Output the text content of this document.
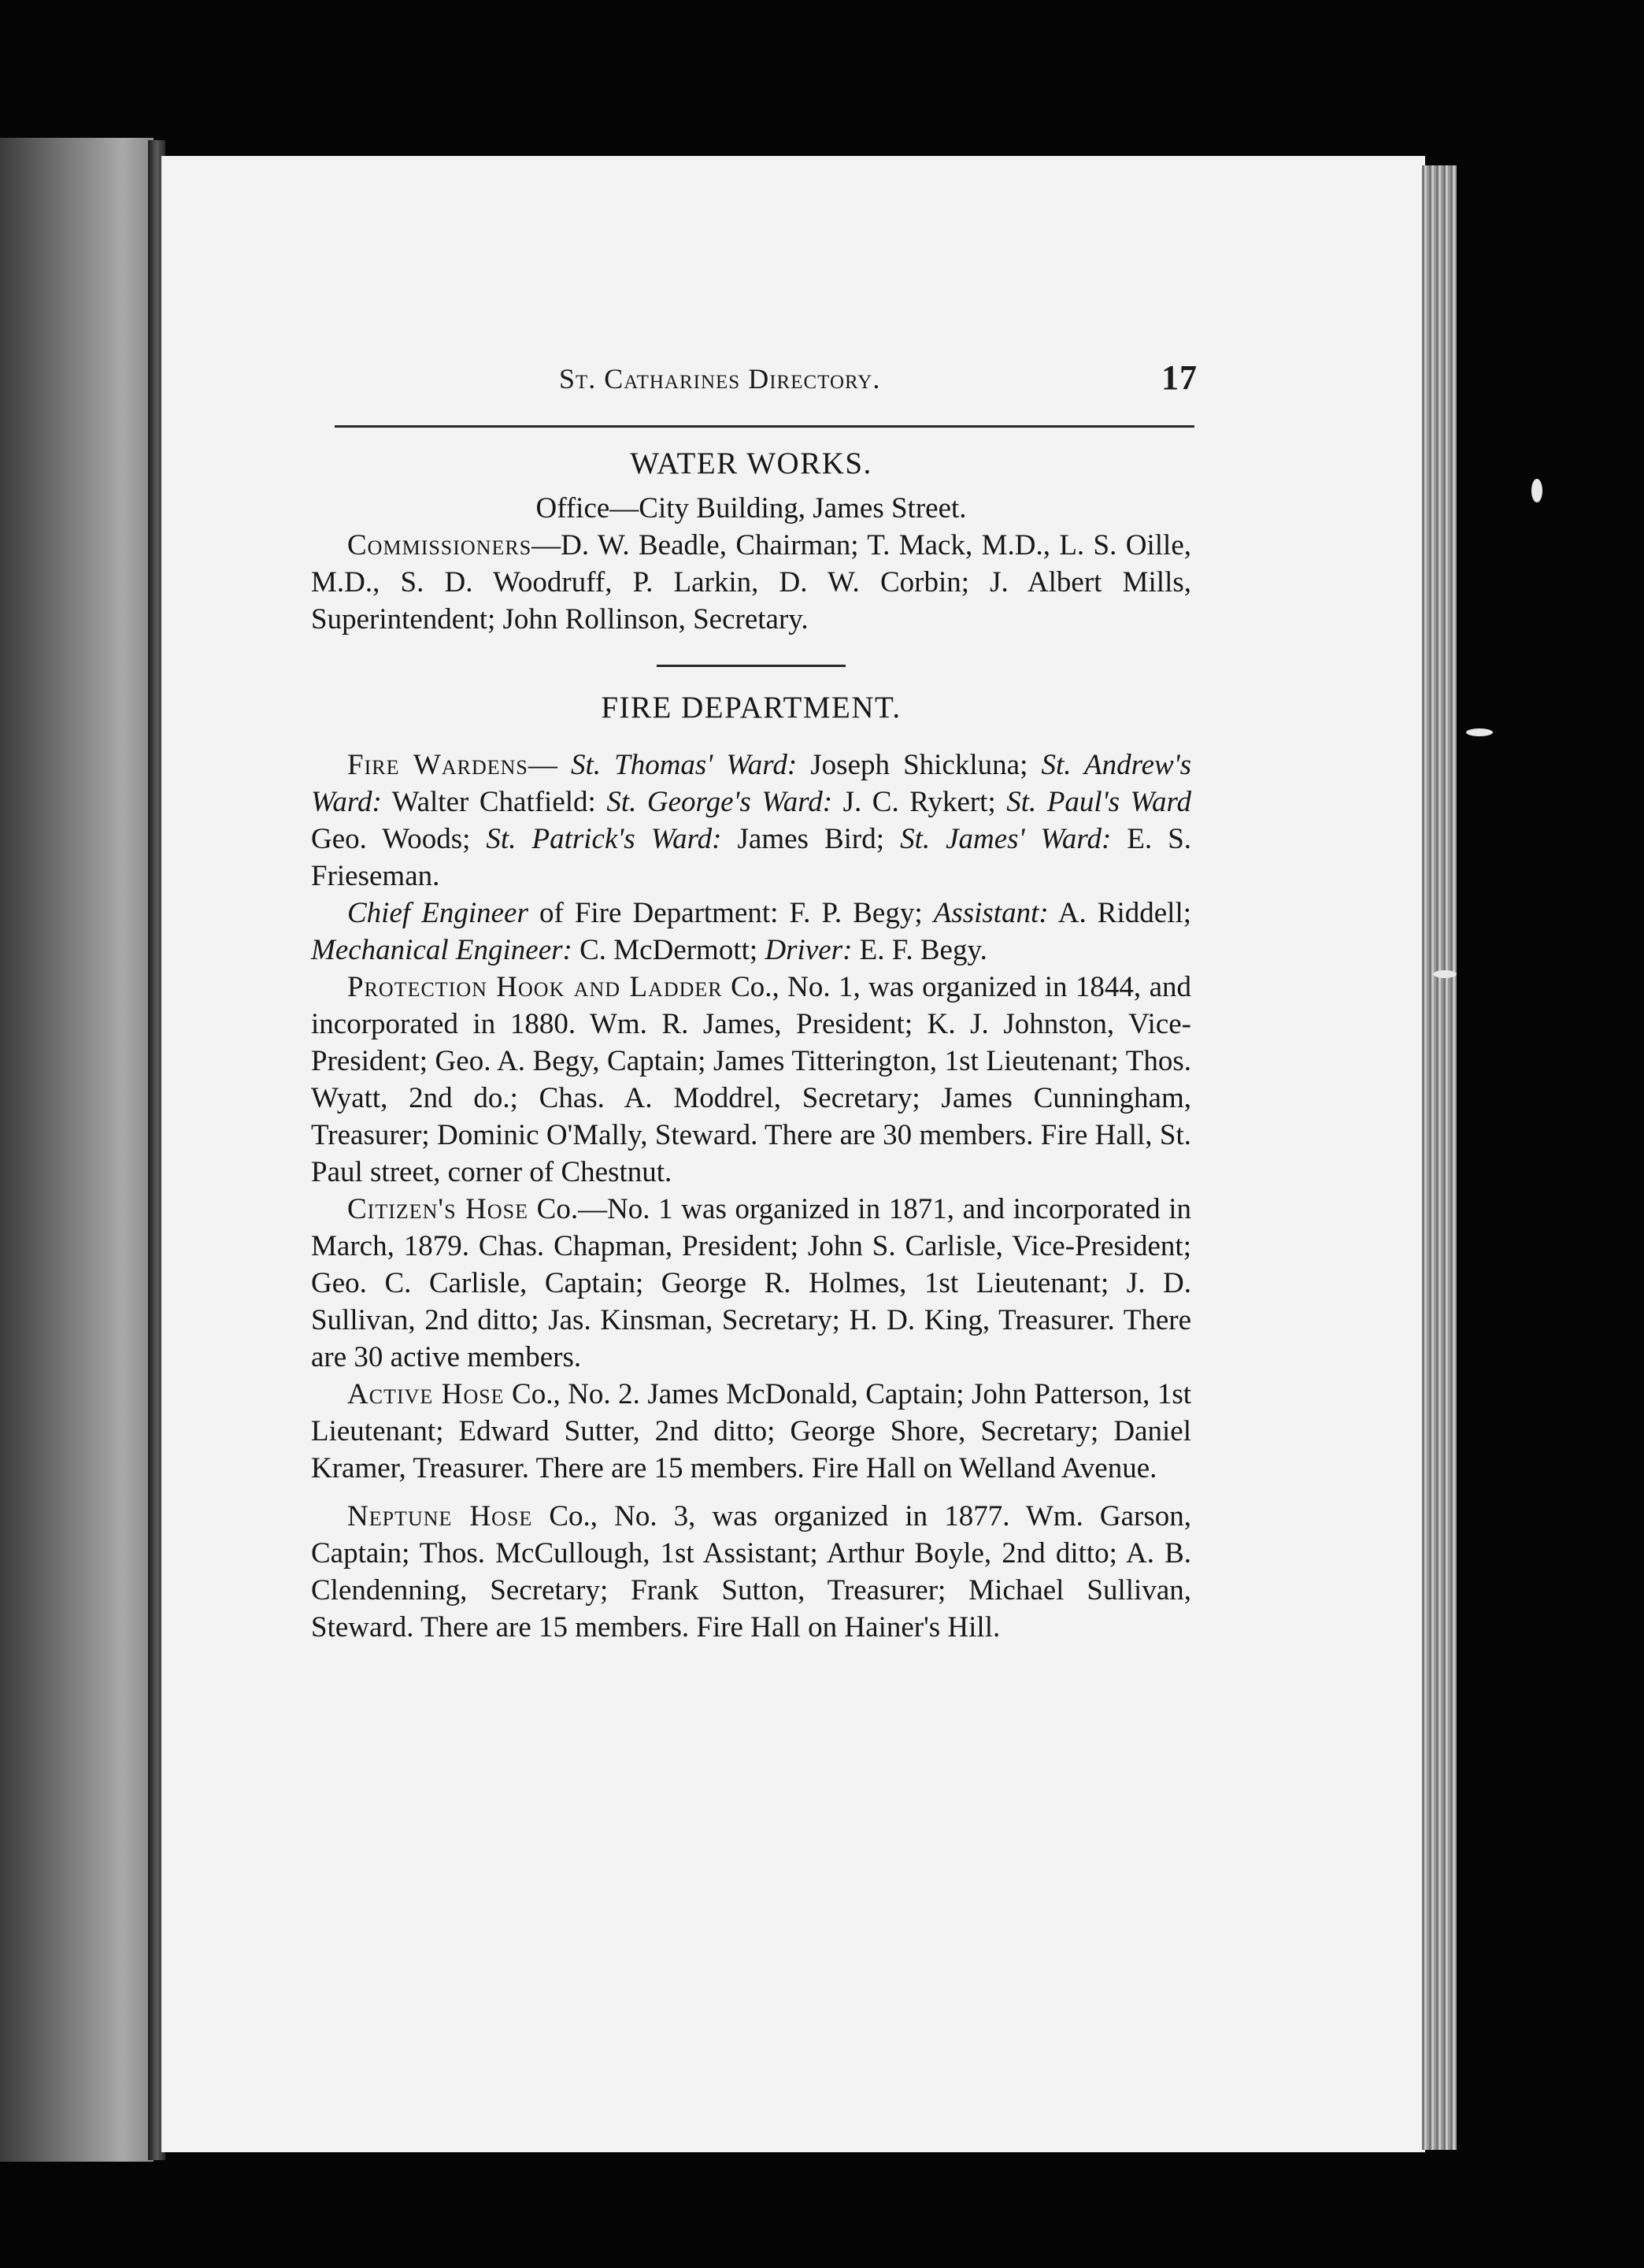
St. Catharines Directory.	17

WATER WORKS.

Office—City Building, James Street.

Commissioners—D. W. Beadle, Chairman; T. Mack, M.D., L. S. Oille, M.D., S. D. Woodruff, P. Larkin, D. W. Corbin; J. Albert Mills, Superintendent; John Rollinson, Secretary.

FIRE DEPARTMENT.

Fire Wardens— St. Thomas' Ward: Joseph Shickluna; St. Andrew's Ward: Walter Chatfield: St. George's Ward: J. C. Rykert; St. Paul's Ward Geo. Woods; St. Patrick's Ward: James Bird; St. James' Ward: E. S. Frieseman.

Chief Engineer of Fire Department: F. P. Begy; Assistant: A. Riddell; Mechanical Engineer: C. McDermott; Driver: E. F. Begy.

Protection Hook and Ladder Co., No. 1, was organized in 1844, and incorporated in 1880. Wm. R. James, President; K. J. Johnston, Vice-President; Geo. A. Begy, Captain; James Titterington, 1st Lieutenant; Thos. Wyatt, 2nd do.; Chas. A. Moddrel, Secretary; James Cunningham, Treasurer; Dominic O'Mally, Steward. There are 30 members. Fire Hall, St. Paul street, corner of Chestnut.

Citizen's Hose Co.—No. 1 was organized in 1871, and incorporated in March, 1879. Chas. Chapman, President; John S. Carlisle, Vice-President; Geo. C. Carlisle, Captain; George R. Holmes, 1st Lieutenant; J. D. Sullivan, 2nd ditto; Jas. Kinsman, Secretary; H. D. King, Treasurer. There are 30 active members.

Active Hose Co., No. 2. James McDonald, Captain; John Patterson, 1st Lieutenant; Edward Sutter, 2nd ditto; George Shore, Secretary; Daniel Kramer, Treasurer. There are 15 members. Fire Hall on Welland Avenue.

Neptune Hose Co., No. 3, was organized in 1877. Wm. Garson, Captain; Thos. McCullough, 1st Assistant; Arthur Boyle, 2nd ditto; A. B. Clendenning, Secretary; Frank Sutton, Treasurer; Michael Sullivan, Steward. There are 15 members. Fire Hall on Hainer's Hill.
